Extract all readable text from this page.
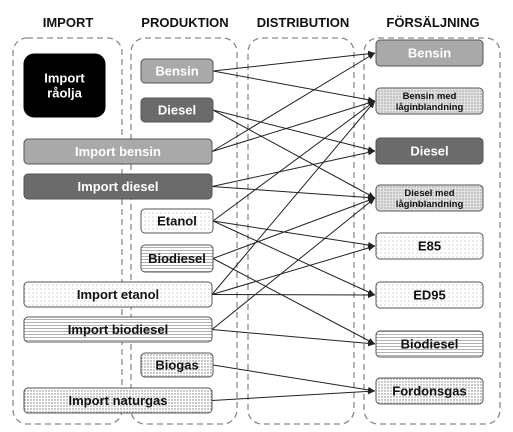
IMPORT	PRODUKTION DISTRIBUTION	FÖRSÄLJNING
Import
råolja
Import bensin
Import diesel
Import etanol
Import biodiesel
Import naturgas
Bensin
Diesel
Etanol
Biodiesel
Biogas
Bensin
Bensin med
låginblandning
Diesel
Diesel med
låginblandning
E85
ED95
Biodiesel
Fordonsgas
